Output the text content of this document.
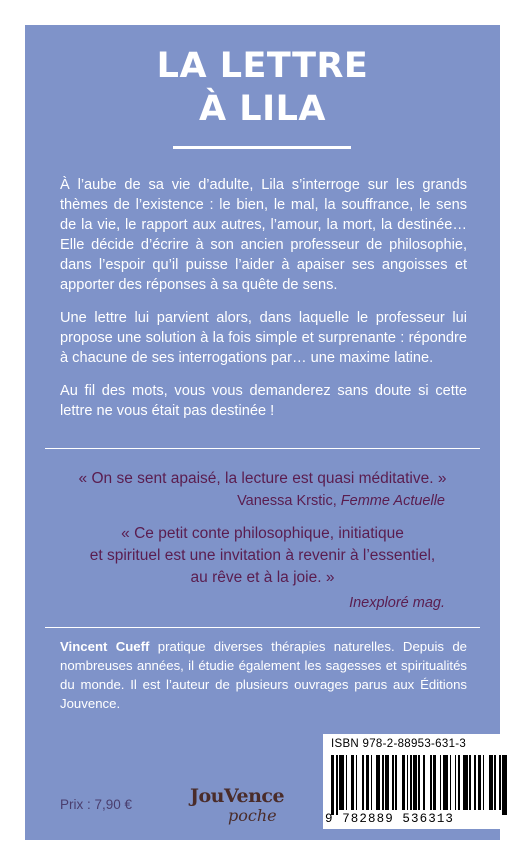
LA LETTRE
À LILA

À l’aube de sa vie d’adulte, Lila s’interroge sur les grands thèmes de l’existence : le bien, le mal, la souffrance, le sens de la vie, le rapport aux autres, l’amour, la mort, la destinée… Elle décide d’écrire à son ancien professeur de philosophie, dans l’espoir qu’il puisse l’aider à apaiser ses angoisses et apporter des réponses à sa quête de sens.

Une lettre lui parvient alors, dans laquelle le professeur lui propose une solution à la fois simple et surprenante : répondre à chacune de ses interrogations par… une maxime latine.

Au fil des mots, vous vous demanderez sans doute si cette lettre ne vous était pas destinée !

« On se sent apaisé, la lecture est quasi méditative. »
Vanessa Krstic, Femme Actuelle
« Ce petit conte philosophique, initiatique
et spirituel est une invitation à revenir à l’essentiel,
au rêve et à la joie. »
Inexploré mag.
Vincent Cueff pratique diverses thérapies naturelles. Depuis de nombreuses années, il étudie également les sagesses et spiritualités du monde. Il est l’auteur de plusieurs ouvrages parus aux Éditions Jouvence.
Prix : 7,90 €	JouVence
poche
ISBN 978-2-88953-631-3
9 782889 536313
